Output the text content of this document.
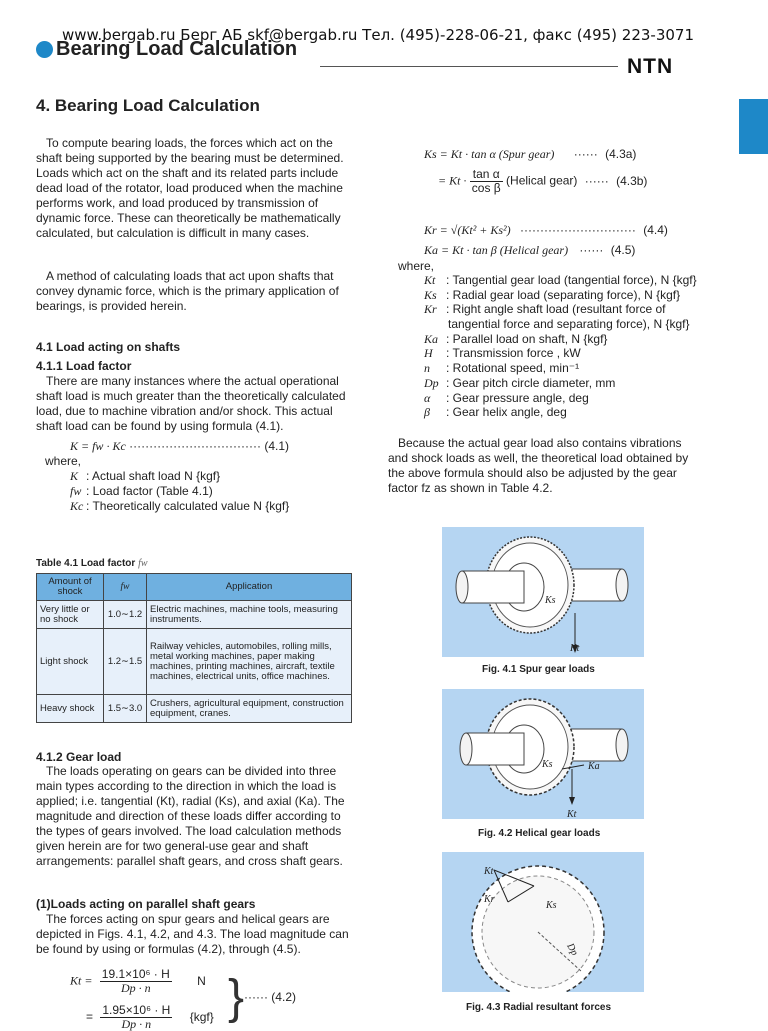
www.bergab.ru Берг АБ skf@bergab.ru Тел. (495)-228-06-21, факс (495) 223-3071
Bearing Load Calculation
NTN
4. Bearing Load Calculation
To compute bearing loads, the forces which act on the shaft being supported by the bearing must be determined. Loads which act on the shaft and its related parts include dead load of the rotator, load produced when the machine performs work, and load produced by transmission of dynamic force. These can theoretically be mathematically calculated, but calculation is difficult in many cases.
A method of calculating loads that act upon shafts that convey dynamic force, which is the primary application of bearings, is provided herein.
4.1 Load acting on shafts
4.1.1 Load factor
There are many instances where the actual operational shaft load is much greater than the theoretically calculated load, due to machine vibration and/or shock. This actual shaft load can be found by using formula (4.1).
K = fw · Kc ································· (4.1)
where,
K : Actual shaft load N {kgf}
fw : Load factor (Table 4.1)
Kc : Theoretically calculated value N {kgf}
Table 4.1 Load factor fw
Amount of shock	fw	Application
Very little or no shock	1.0∼1.2	Electric machines, machine tools, measuring instruments.
Light shock	1.2∼1.5	Railway vehicles, automobiles, rolling mills, metal working machines, paper making machines, printing machines, aircraft, textile machines, electrical units, office machines.
Heavy shock	1.5∼3.0	Crushers, agricultural equipment, construction equipment, cranes.
4.1.2 Gear load
The loads operating on gears can be divided into three main types according to the direction in which the load is applied; i.e. tangential (Kt), radial (Ks), and axial (Ka). The magnitude and direction of these loads differ according to the types of gears involved. The load calculation methods given herein are for two general-use gear and shaft arrangements: parallel shaft gears, and cross shaft gears.
(1)Loads acting on parallel shaft gears
The forces acting on spur gears and helical gears are depicted in Figs. 4.1, 4.2, and 4.3. The load magnitude can be found by using or formulas (4.2), through (4.5).
$Kt = \frac{\text{19.1×10⁶ · H}}{Dp \cdot n}$ N
= $\frac{\text{1.95×10⁶ · H}}{Dp \cdot n} \{kgf\}$ } ······ (4.2)
Ks = Kt · tan α (Spur gear) ······ (4.3a)
= $Kt \cdot \frac{\text{tan α}}{\text{cos β}}$ (Helical gear) ······ (4.3b)
Kr = √(Kt² + Ks²) ····························· (4.4)
Ka = Kt · tan β (Helical gear) ······ (4.5)
where,
Kt : Tangential gear load (tangential force), N {kgf}
Ks : Radial gear load (separating force), N {kgf}
Kr : Right angle shaft load (resultant force of
tangential force and separating force), N {kgf}
Ka : Parallel load on shaft, N {kgf}
H : Transmission force , kW
n : Rotational speed, min⁻¹
Dp : Gear pitch circle diameter, mm
α : Gear pressure angle, deg
β : Gear helix angle, deg
Because the actual gear load also contains vibrations and shock loads as well, the theoretical load obtained by the above formula should also be adjusted by the gear factor fz as shown in Table 4.2.
Ks
Kt
Fig. 4.1 Spur gear loads
Ks	Ka
Kt
Fig. 4.2 Helical gear loads
Kt
Kr
Ks
Dp
Fig. 4.3 Radial resultant forces
